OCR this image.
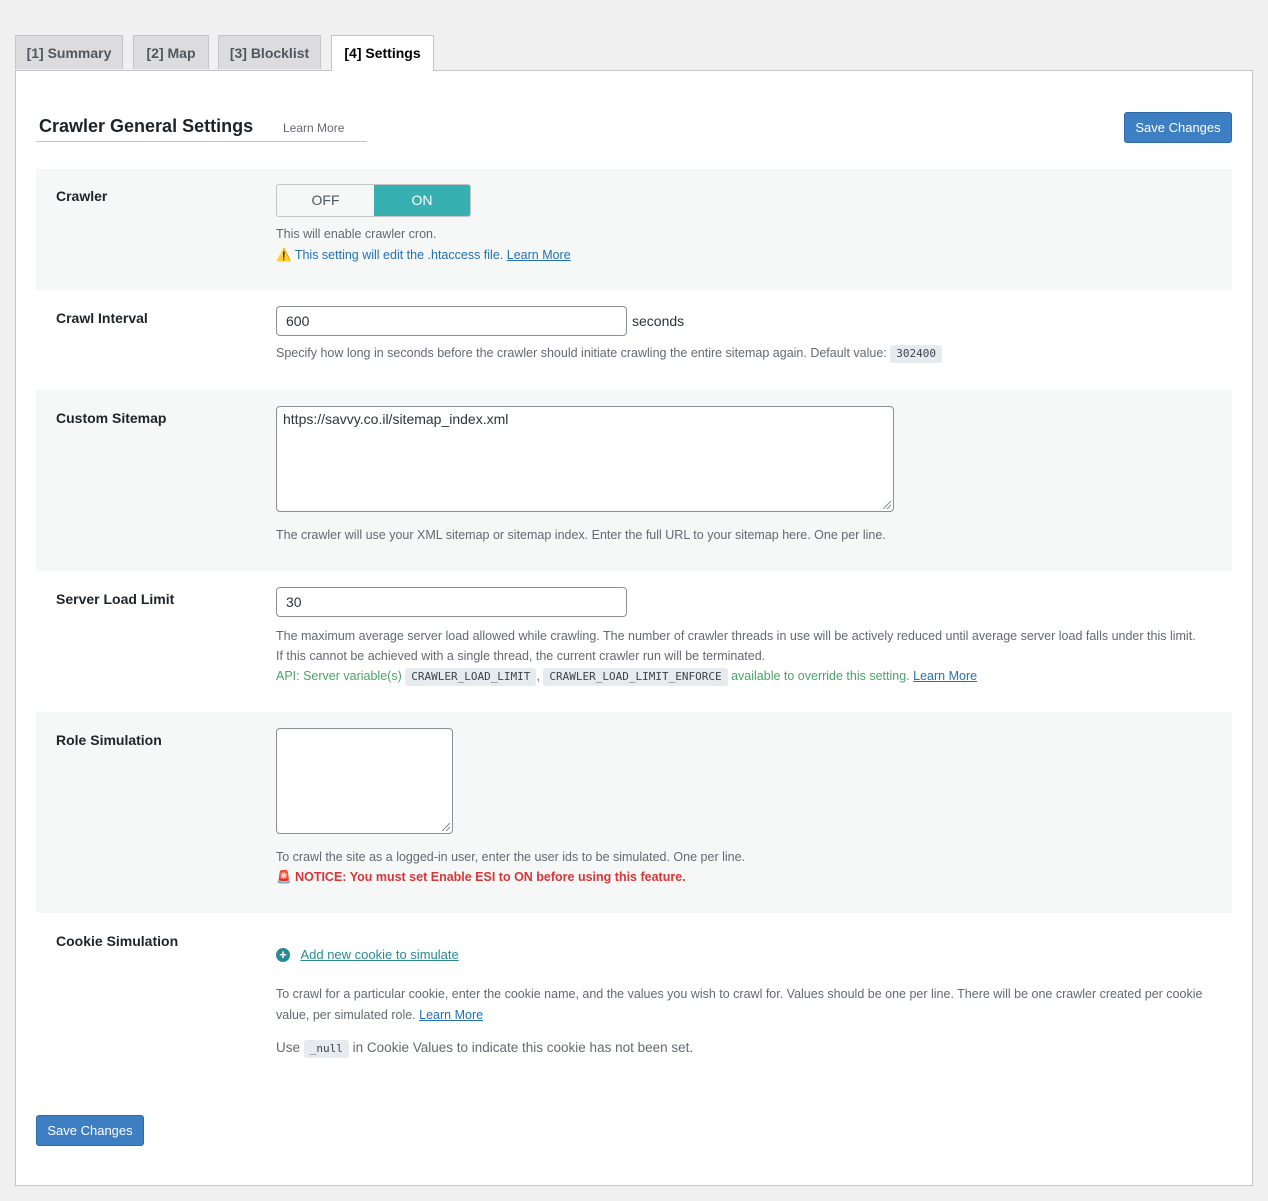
[1] Summary	[2] Map	[3] Blocklist	[4] Settings
Crawler General Settings Learn More	Save Changes
Crawler	OFF	ON
This will enable crawler cron.
⚠️ This setting will edit the .htaccess file. Learn More
Crawl Interval	600	seconds
Specify how long in seconds before the crawler should initiate crawling the entire sitemap again. Default value: 302400
Custom Sitemap	https://savvy.co.il/sitemap_index.xml
The crawler will use your XML sitemap or sitemap index. Enter the full URL to your sitemap here. One per line.
Server Load Limit	30
The maximum average server load allowed while crawling. The number of crawler threads in use will be actively reduced until average server load falls under this limit.
If this cannot be achieved with a single thread, the current crawler run will be terminated.
API: Server variable(s) CRAWLER_LOAD_LIMIT , CRAWLER_LOAD_LIMIT_ENFORCE available to override this setting. Learn More
Role Simulation
To crawl the site as a logged-in user, enter the user ids to be simulated. One per line.
🚨 NOTICE: You must set Enable ESI to ON before using this feature.
Cookie Simulation
+ Add new cookie to simulate
To crawl for a particular cookie, enter the cookie name, and the values you wish to crawl for. Values should be one per line. There will be one crawler created per cookie
value, per simulated role. Learn More
Use _null in Cookie Values to indicate this cookie has not been set.
Save Changes
